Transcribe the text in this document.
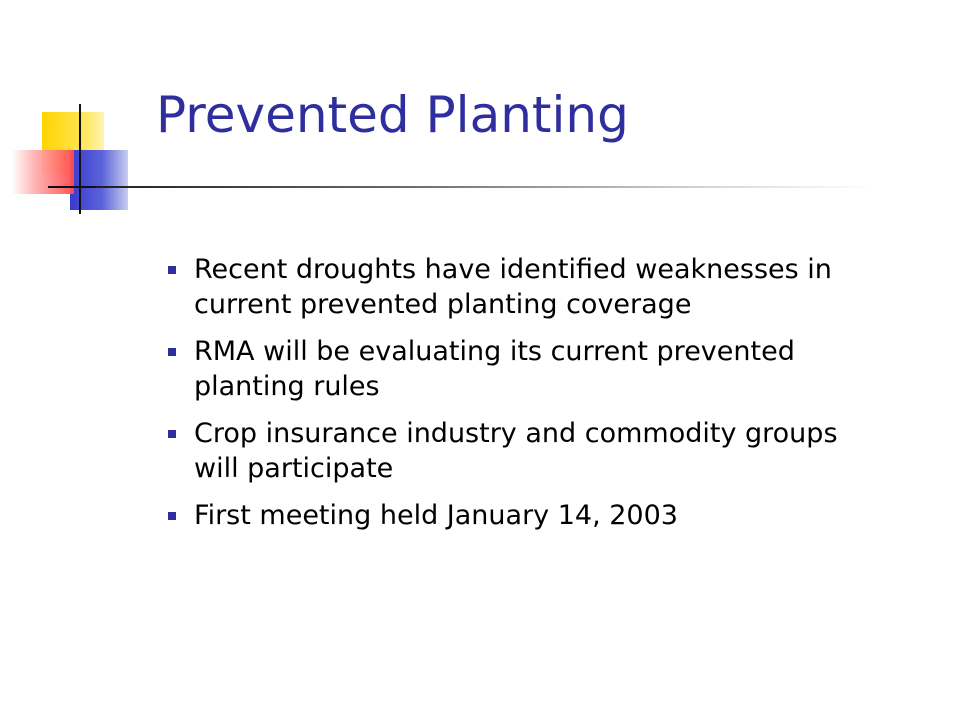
Prevented Planting
Recent droughts have identified weaknesses in current prevented planting coverage
RMA will be evaluating its current prevented planting rules
Crop insurance industry and commodity groups will participate
First meeting held January 14, 2003
